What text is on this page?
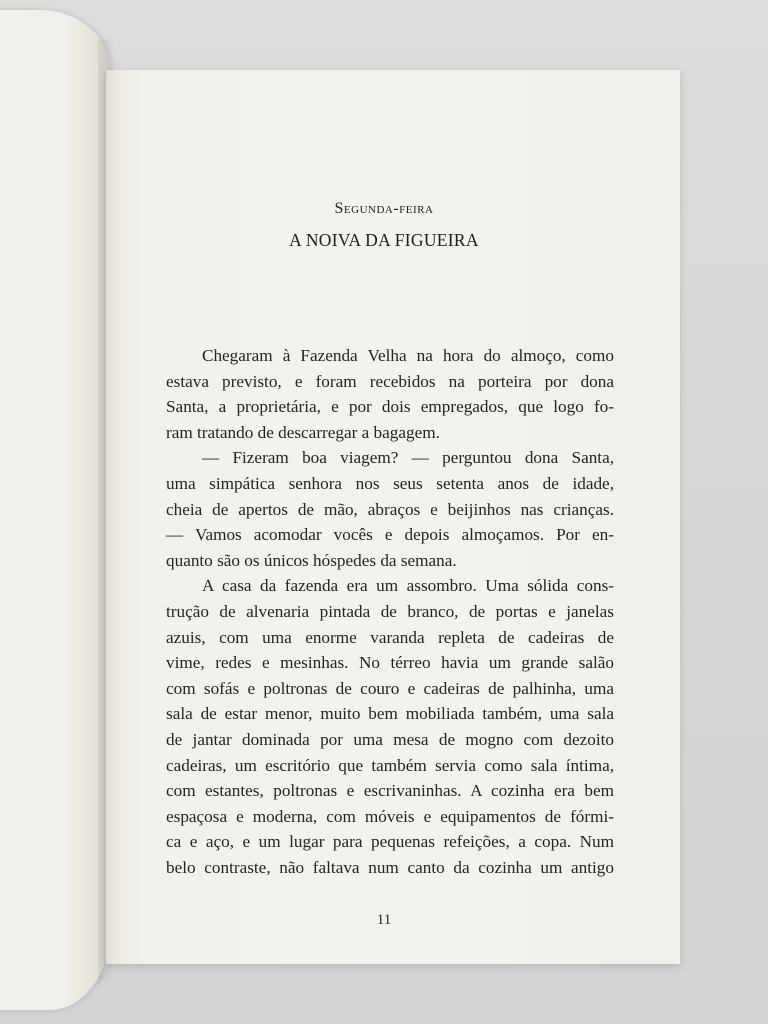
Segunda-feira
A NOIVA DA FIGUEIRA
Chegaram à Fazenda Velha na hora do almoço, como
estava previsto, e foram recebidos na porteira por dona
Santa, a proprietária, e por dois empregados, que logo fo-
ram tratando de descarregar a bagagem.
— Fizeram boa viagem? — perguntou dona Santa,
uma simpática senhora nos seus setenta anos de idade,
cheia de apertos de mão, abraços e beijinhos nas crianças.
— Vamos acomodar vocês e depois almoçamos. Por en-
quanto são os únicos hóspedes da semana.
A casa da fazenda era um assombro. Uma sólida cons-
trução de alvenaria pintada de branco, de portas e janelas
azuis, com uma enorme varanda repleta de cadeiras de
vime, redes e mesinhas. No térreo havia um grande salão
com sofás e poltronas de couro e cadeiras de palhinha, uma
sala de estar menor, muito bem mobiliada também, uma sala
de jantar dominada por uma mesa de mogno com dezoito
cadeiras, um escritório que também servia como sala íntima,
com estantes, poltronas e escrivaninhas. A cozinha era bem
espaçosa e moderna, com móveis e equipamentos de fórmi-
ca e aço, e um lugar para pequenas refeições, a copa. Num
belo contraste, não faltava num canto da cozinha um antigo
11
